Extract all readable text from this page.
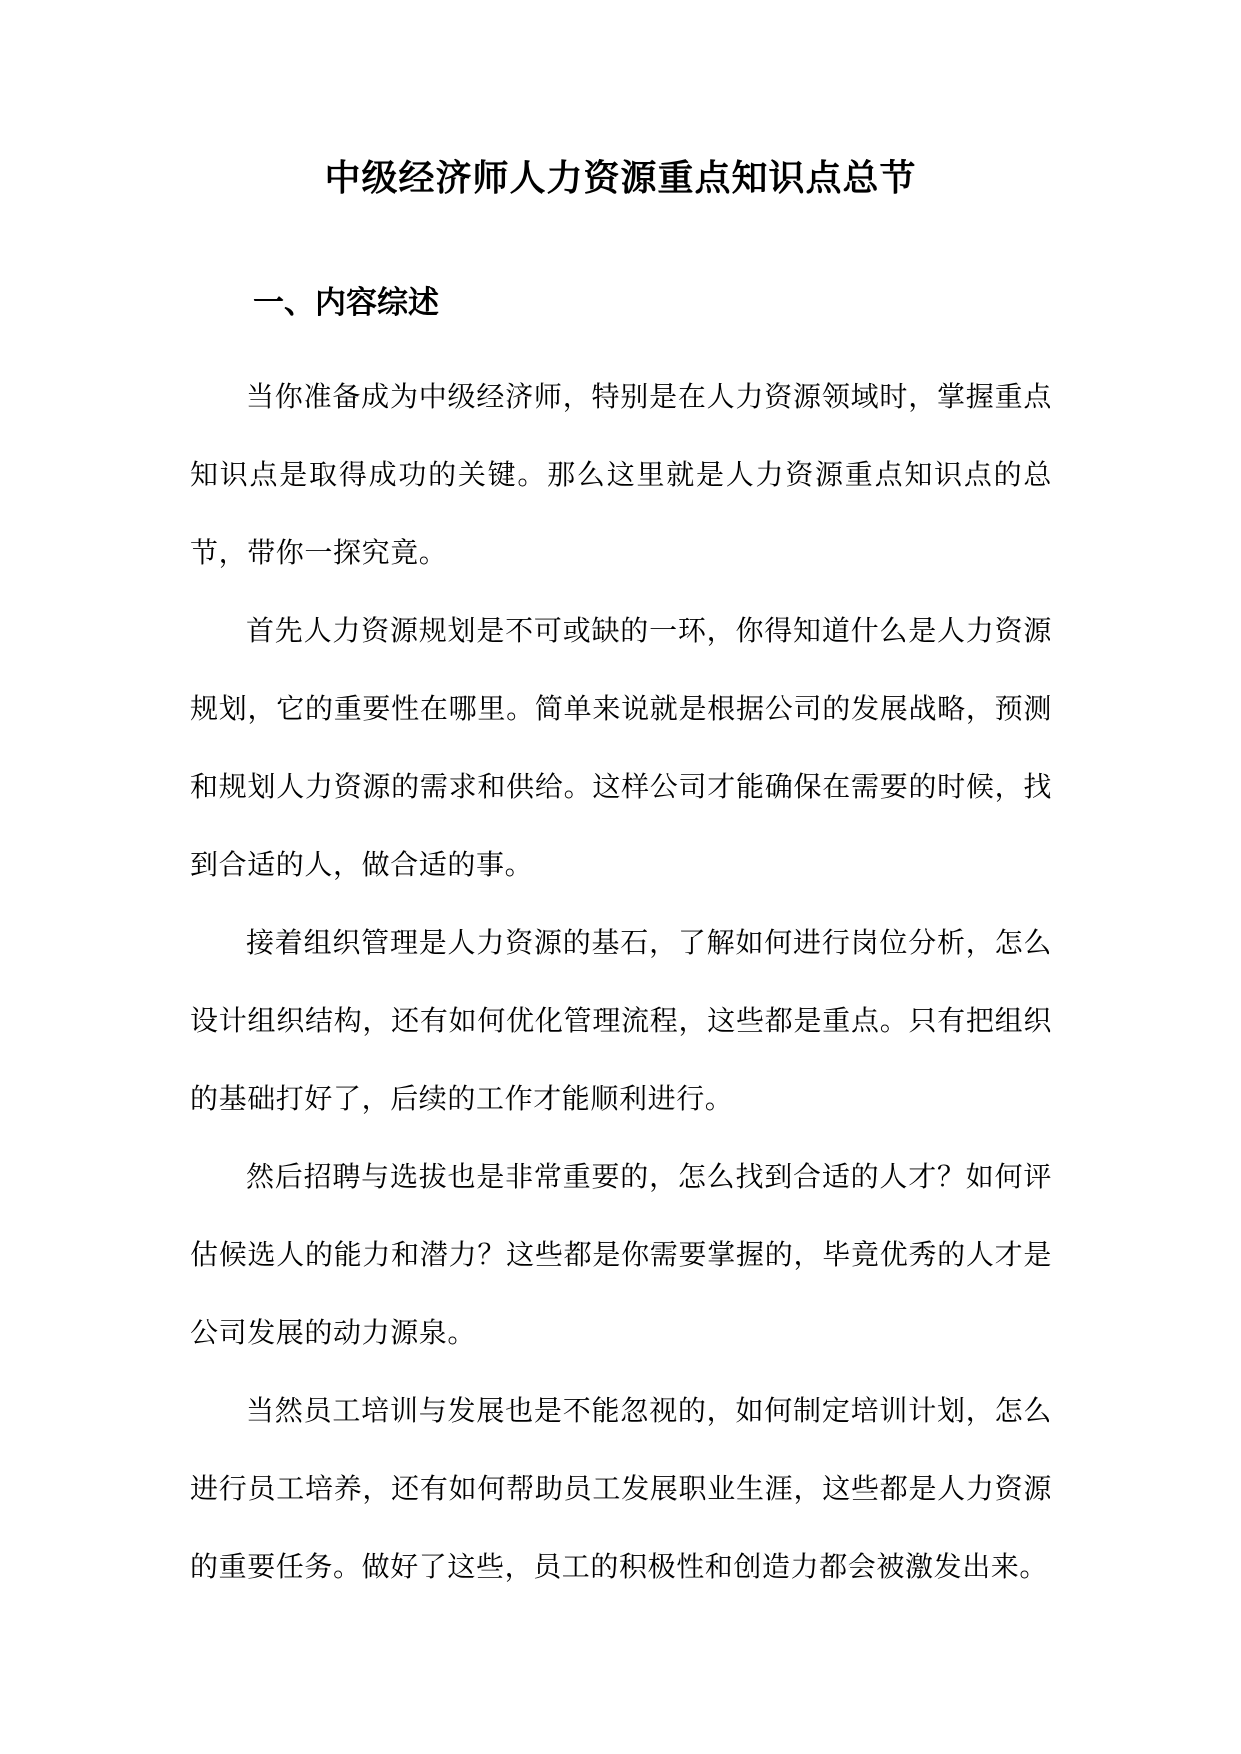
中级经济师人力资源重点知识点总节
一、内容综述

当你准备成为中级经济师，特别是在人力资源领域时，掌握重点知识点是取得成功的关键。那么这里就是人力资源重点知识点的总节，带你一探究竟。

首先人力资源规划是不可或缺的一环，你得知道什么是人力资源规划，它的重要性在哪里。简单来说就是根据公司的发展战略，预测和规划人力资源的需求和供给。这样公司才能确保在需要的时候，找到合适的人，做合适的事。

接着组织管理是人力资源的基石，了解如何进行岗位分析，怎么设计组织结构，还有如何优化管理流程，这些都是重点。只有把组织的基础打好了，后续的工作才能顺利进行。

然后招聘与选拔也是非常重要的，怎么找到合适的人才？如何评估候选人的能力和潜力？这些都是你需要掌握的，毕竟优秀的人才是公司发展的动力源泉。

当然员工培训与发展也是不能忽视的，如何制定培训计划，怎么进行员工培养，还有如何帮助员工发展职业生涯，这些都是人力资源的重要任务。做好了这些，员工的积极性和创造力都会被激发出来。
